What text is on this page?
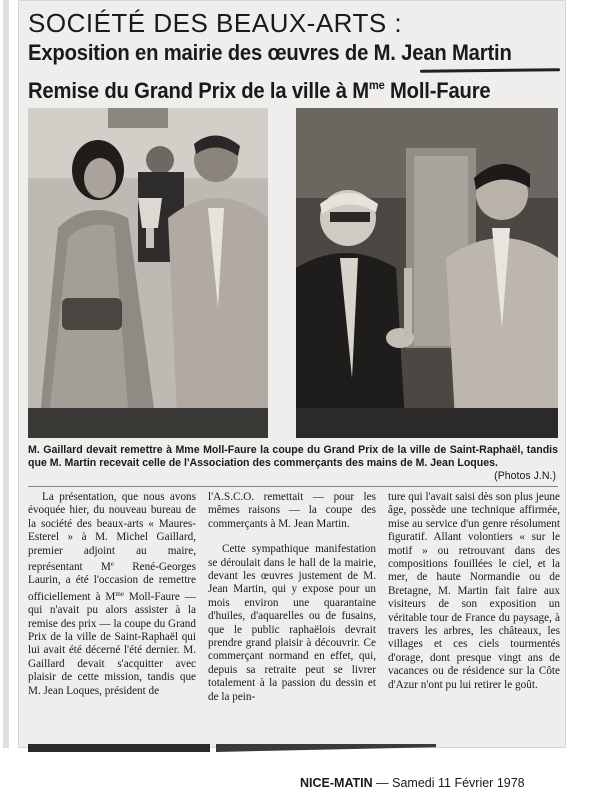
SOCIÉTÉ DES BEAUX-ARTS :
Exposition en mairie des œuvres de M. Jean Martin
Remise du Grand Prix de la ville à $M^{me}$ Moll-Faure
M. Gaillard devait remettre à Mme Moll-Faure la coupe du Grand Prix de la ville de Saint-Raphaël, tandis que M. Martin recevait celle de l'Association des commerçants des mains de M. Jean Loques.
(Photos J.N.)

La présentation, que nous avons évoquée hier, du nouveau bureau de la société des beaux-arts « Maures-Esterel » à M. Michel Gaillard, premier adjoint au maire, représentant Me René-Georges Laurin, a été l'occasion de remettre officiellement à $M^{me}$ Moll-Faure — qui n'avait pu alors assister à la remise des prix — la coupe du Grand Prix de la ville de Saint-Raphaël qui lui avait été décerné l'été dernier. M. Gaillard devait s'acquitter avec plaisir de cette mission, tandis que M. Jean Loques, président de

l'A.S.C.O. remettait — pour les mêmes raisons — la coupe des commerçants à M. Jean Martin.

Cette sympathique manifestation se déroulait dans le hall de la mairie, devant les œuvres justement de M. Jean Martin, qui y expose pour un mois environ une quarantaine d'huiles, d'aquarelles ou de fusains, que le public raphaëlois devrait prendre grand plaisir à découvrir. Ce commerçant normand en effet, qui, depuis sa retraite peut se livrer totalement à la passion du dessin et de la pein-

ture qui l'avait saisi dès son plus jeune âge, possède une technique affirmée, mise au service d'un genre résolument figuratif. Allant volontiers « sur le motif » ou retrouvant dans des compositions fouillées le ciel, et la mer, de haute Normandie ou de Bretagne, M. Martin fait faire aux visiteurs de son exposition un véritable tour de France du paysage, à travers les arbres, les châteaux, les villages et ces ciels tourmentés d'orage, dont presque vingt ans de vacances ou de résidence sur la Côte d'Azur n'ont pu lui retirer le goût.

NICE-MATIN — Samedi 11 Février 1978
